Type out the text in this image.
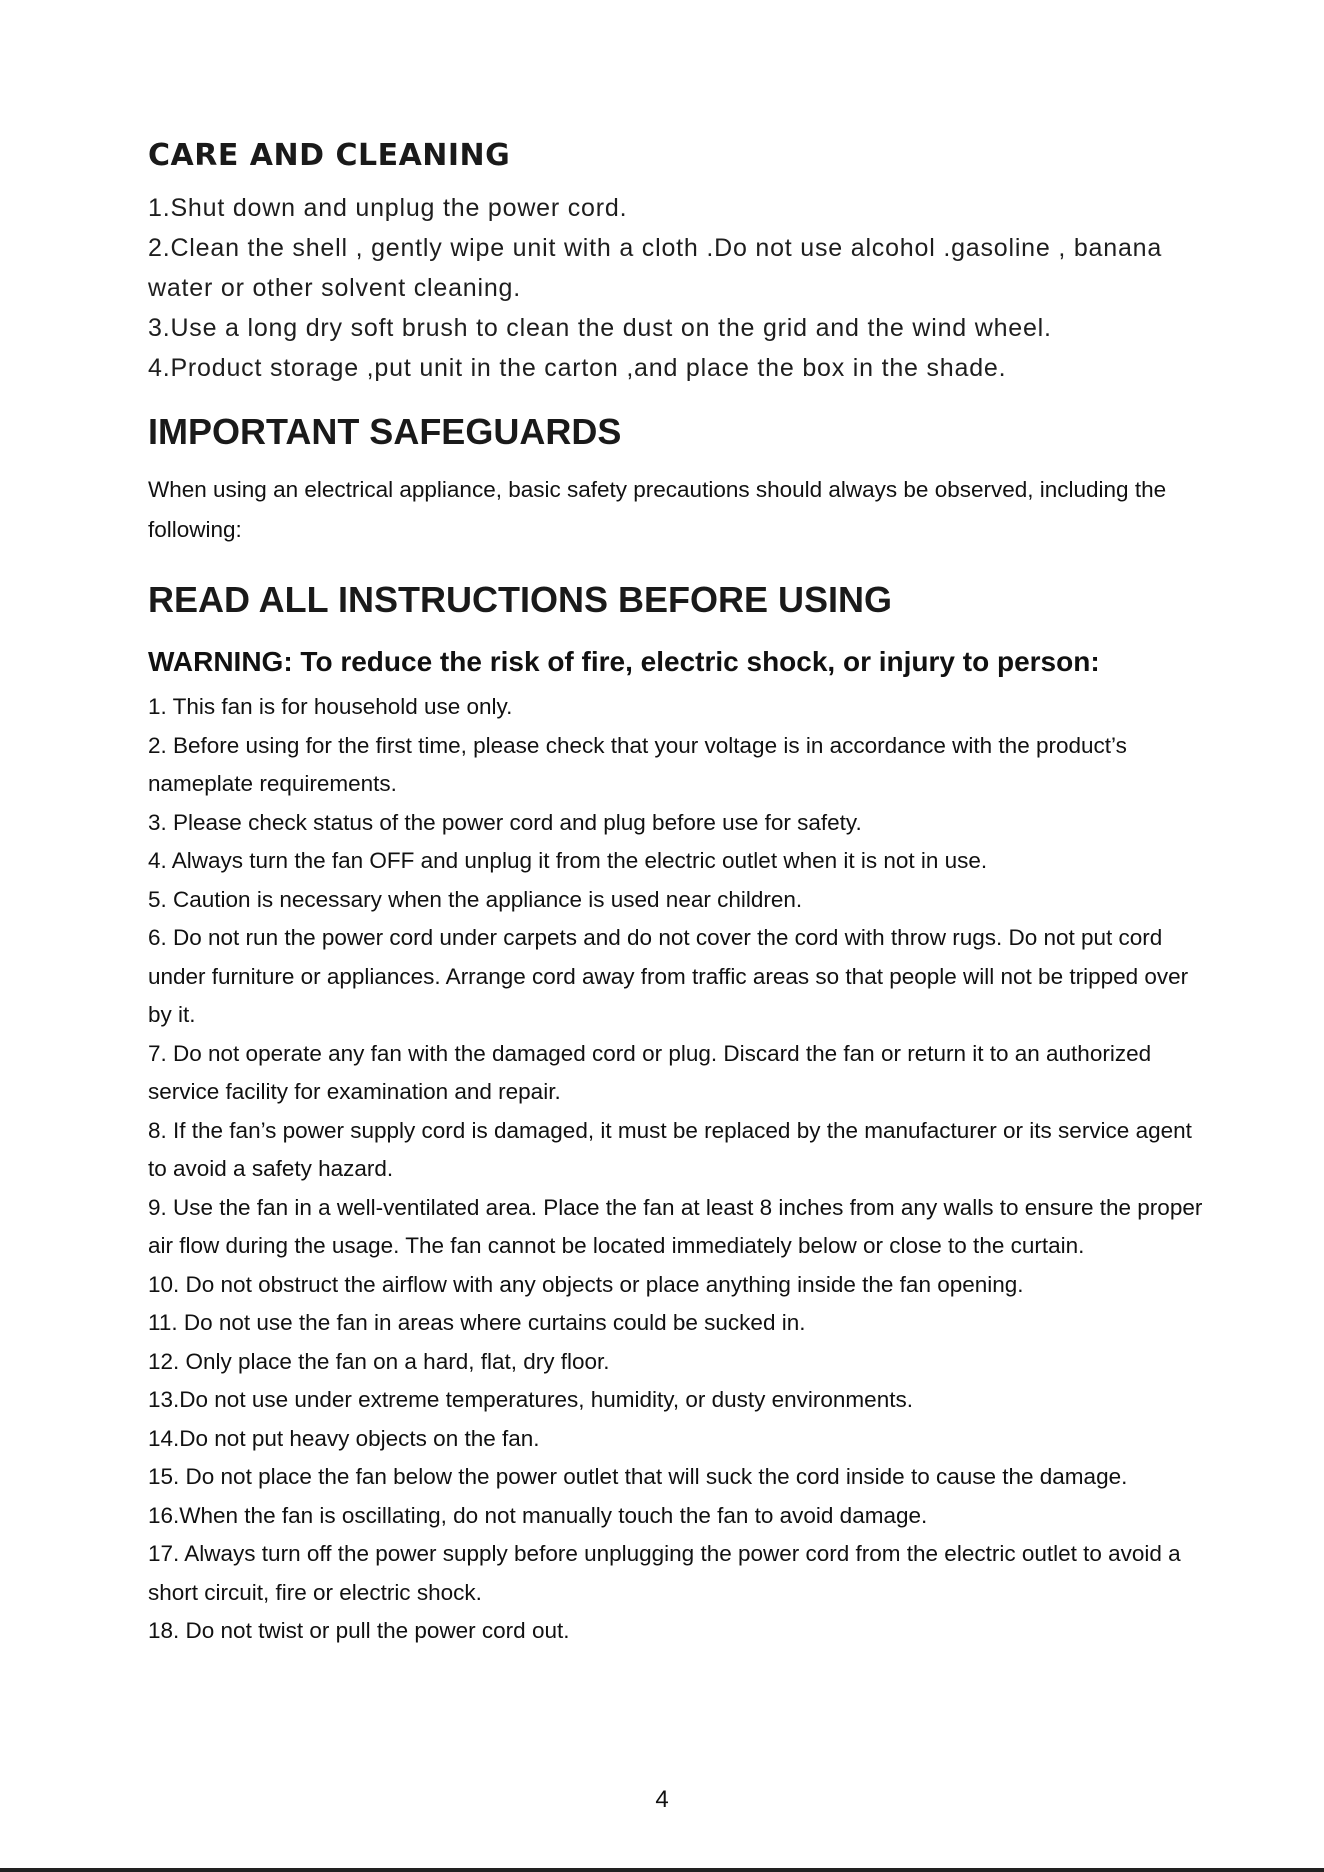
CARE AND CLEANING

1.Shut down and unplug the power cord.

2.Clean the shell , gently wipe unit with a cloth .Do not use alcohol .gasoline , banana water or other solvent cleaning.

3.Use a long dry soft brush to clean the dust on the grid and the wind wheel.

4.Product storage ,put unit in the carton ,and place the box in the shade.

IMPORTANT SAFEGUARDS

When using an electrical appliance, basic safety precautions should always be observed, including the following:

READ ALL INSTRUCTIONS BEFORE USING
WARNING: To reduce the risk of fire, electric shock, or injury to person:

1. This fan is for household use only.

2. Before using for the first time, please check that your voltage is in accordance with the product’s nameplate requirements.

3. Please check status of the power cord and plug before use for safety.

4. Always turn the fan OFF and unplug it from the electric outlet when it is not in use.

5. Caution is necessary when the appliance is used near children.

6. Do not run the power cord under carpets and do not cover the cord with throw rugs. Do not put cord under furniture or appliances. Arrange cord away from traffic areas so that people will not be tripped over by it.

7. Do not operate any fan with the damaged cord or plug. Discard the fan or return it to an authorized service facility for examination and repair.

8. If the fan’s power supply cord is damaged, it must be replaced by the manufacturer or its service agent to avoid a safety hazard.

9. Use the fan in a well-ventilated area. Place the fan at least 8 inches from any walls to ensure the proper air flow during the usage. The fan cannot be located immediately below or close to the curtain.

10. Do not obstruct the airflow with any objects or place anything inside the fan opening.

11. Do not use the fan in areas where curtains could be sucked in.

12. Only place the fan on a hard, flat, dry floor.

13.Do not use under extreme temperatures, humidity, or dusty environments.

14.Do not put heavy objects on the fan.

15. Do not place the fan below the power outlet that will suck the cord inside to cause the damage.

16.When the fan is oscillating, do not manually touch the fan to avoid damage.

17. Always turn off the power supply before unplugging the power cord from the electric outlet to avoid a short circuit, fire or electric shock.

18. Do not twist or pull the power cord out.

4
